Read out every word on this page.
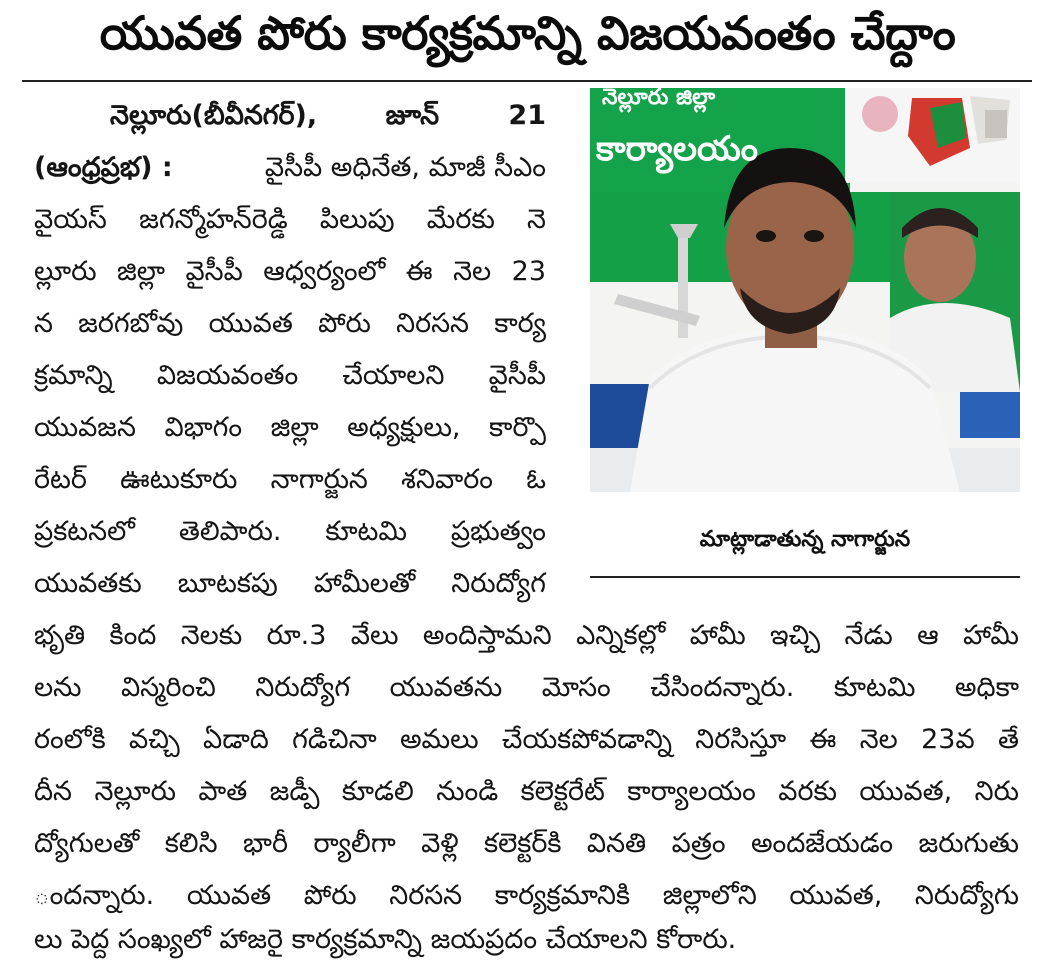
యువత పోరు కార్యక్రమాన్ని విజయవంతం చేద్దాం
నెల్లూరు(బీవీనగర్),	జూన్ 21
(ఆంధ్రప్రభ) :	వైసీపీ అధినేత, మాజీ సీఎం
వైయస్ జగన్మోహన్‌రెడ్డి పిలుపు మేరకు నె
ల్లూరు జిల్లా వైసీపీ ఆధ్వర్యంలో ఈ నెల 23
న జరగబోవు యువత పోరు నిరసన కార్య
క్రమాన్ని విజయవంతం చేయాలని వైసీపీ
యువజన విభాగం జిల్లా అధ్యక్షులు, కార్పొ
రేటర్ ఊటుకూరు నాగార్జున శనివారం ఓ
ప్రకటనలో తెలిపారు. కూటమి ప్రభుత్వం
యువతకు బూటకపు హామీలతో నిరుద్యోగ
భృతి కింద నెలకు రూ.3 వేలు అందిస్తామని ఎన్నికల్లో హామీ ఇచ్చి నేడు ఆ హామీ
లను విస్మరించి నిరుద్యోగ యువతను మోసం చేసిందన్నారు. కూటమి అధికా
రంలోకి వచ్చి ఏడాది గడిచినా అమలు చేయకపోవడాన్ని నిరసిస్తూ ఈ నెల 23వ తే
దీన నెల్లూరు పాత జడ్పీ కూడలి నుండి కలెక్టరేట్ కార్యాలయం వరకు యువత, నిరు
ద్యోగులతో కలిసి భారీ ర్యాలీగా వెళ్లి కలెక్టర్‌కి వినతి పత్రం అందజేయడం జరుగుతు
ందన్నారు. యువత పోరు నిరసన కార్యక్రమానికి జిల్లాలోని యువత, నిరుద్యోగు
లు పెద్ద సంఖ్యలో హాజరై కార్యక్రమాన్ని జయప్రదం చేయాలని కోరారు.
నెల్లూరు జిల్లా
కార్యాలయం
మాట్లాడాతున్న నాగార్జున
